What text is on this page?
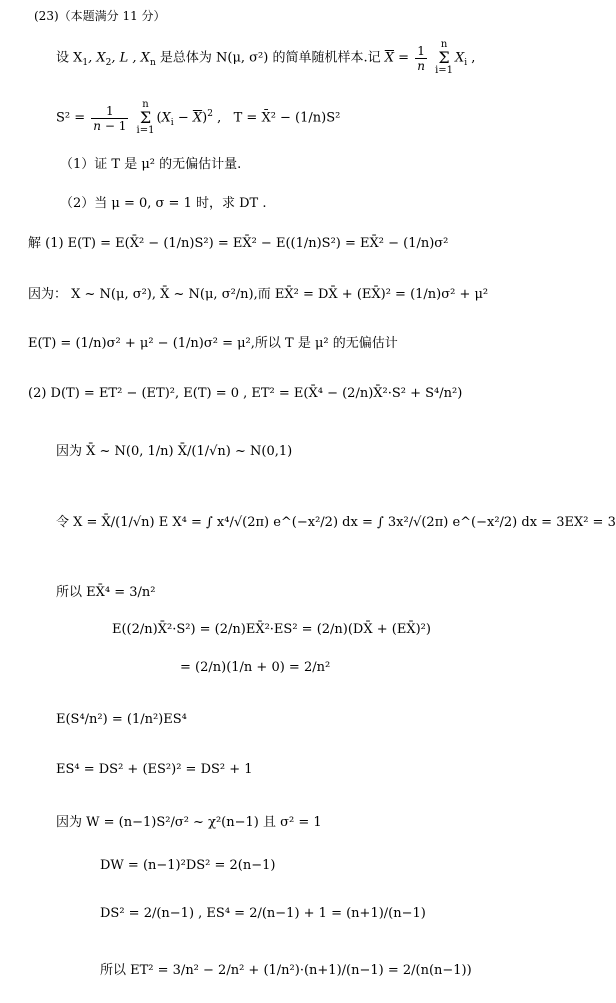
(23)（本题满分 11 分）
设 $X_1$, $X_2$, L , $X_n$ 是总体为 N(μ, σ²) 的简单随机样本.记 $\overline{X} = \frac{1}{n}$ n
Σ
$i=1X_i$ ,
$S^2 = \frac{1}{n - 1}$ n
Σ
$i=1(X_i - \overline{X})^2$ ,   T = X̄² − (1/n)S²
（1）证 T 是 μ² 的无偏估计量.
（2）当 μ = 0, σ = 1 时，求 DT .
解 (1) E(T) = E(X̄² − (1/n)S²) = EX̄² − E((1/n)S²) = EX̄² − (1/n)σ²
因为： X ~ N(μ, σ²), X̄ ~ N(μ, σ²/n),而 EX̄² = DX̄ + (EX̄)² = (1/n)σ² + μ²
E(T) = (1/n)σ² + μ² − (1/n)σ² = μ²,所以 T 是 μ² 的无偏估计
(2) D(T) = ET² − (ET)², E(T) = 0 , ET² = E(X̄⁴ − (2/n)X̄²·S² + S⁴/n²)
因为 X̄ ~ N(0, 1/n) X̄/(1/√n) ~ N(0,1)
令 X = X̄/(1/√n) E X⁴ = ∫ x⁴/√(2π) e^(−x²/2) dx = ∫ 3x²/√(2π) e^(−x²/2) dx = 3EX² = 3
所以 EX̄⁴ = 3/n²
E((2/n)X̄²·S²) = (2/n)EX̄²·ES² = (2/n)(DX̄ + (EX̄)²)
= (2/n)(1/n + 0) = 2/n²
E(S⁴/n²) = (1/n²)ES⁴
ES⁴ = DS² + (ES²)² = DS² + 1
因为 W = (n−1)S²/σ² ~ χ²(n−1) 且 σ² = 1
DW = (n−1)²DS² = 2(n−1)
DS² = 2/(n−1) , ES⁴ = 2/(n−1) + 1 = (n+1)/(n−1)
所以 ET² = 3/n² − 2/n² + (1/n²)·(n+1)/(n−1) = 2/(n(n−1))
